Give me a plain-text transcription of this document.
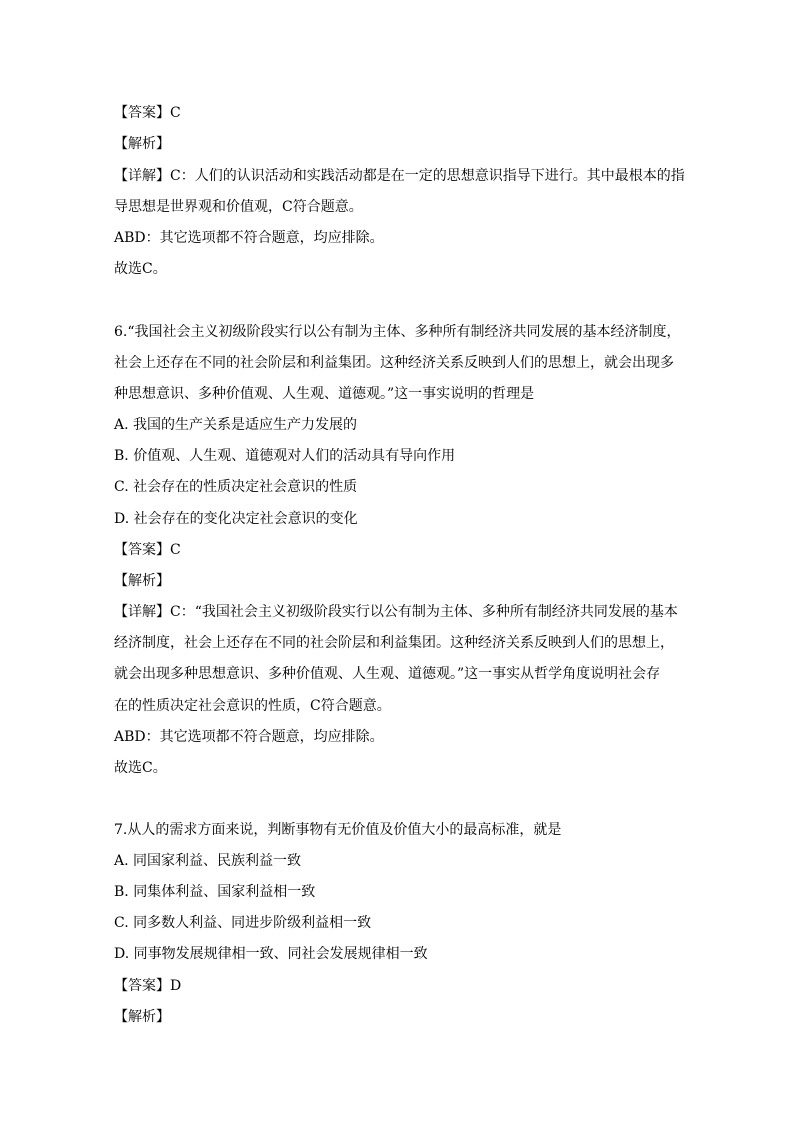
【答案】C
【解析】
【详解】C：人们的认识活动和实践活动都是在一定的思想意识指导下进行。其中最根本的指
导思想是世界观和价值观，C符合题意。
ABD：其它选项都不符合题意，均应排除。
故选C。
6.“我国社会主义初级阶段实行以公有制为主体、多种所有制经济共同发展的基本经济制度，
社会上还存在不同的社会阶层和利益集团。这种经济关系反映到人们的思想上，就会出现多
种思想意识、多种价值观、人生观、道德观。”这一事实说明的哲理是
A. 我国的生产关系是适应生产力发展的
B. 价值观、人生观、道德观对人们的活动具有导向作用
C. 社会存在的性质决定社会意识的性质
D. 社会存在的变化决定社会意识的变化
【答案】C
【解析】
【详解】C：“我国社会主义初级阶段实行以公有制为主体、多种所有制经济共同发展的基本
经济制度，社会上还存在不同的社会阶层和利益集团。这种经济关系反映到人们的思想上，
就会出现多种思想意识、多种价值观、人生观、道德观。”这一事实从哲学角度说明社会存
在的性质决定社会意识的性质，C符合题意。
ABD：其它选项都不符合题意，均应排除。
故选C。
7.从人的需求方面来说，判断事物有无价值及价值大小的最高标准，就是
A. 同国家利益、民族利益一致
B. 同集体利益、国家利益相一致
C. 同多数人利益、同进步阶级利益相一致
D. 同事物发展规律相一致、同社会发展规律相一致
【答案】D
【解析】
